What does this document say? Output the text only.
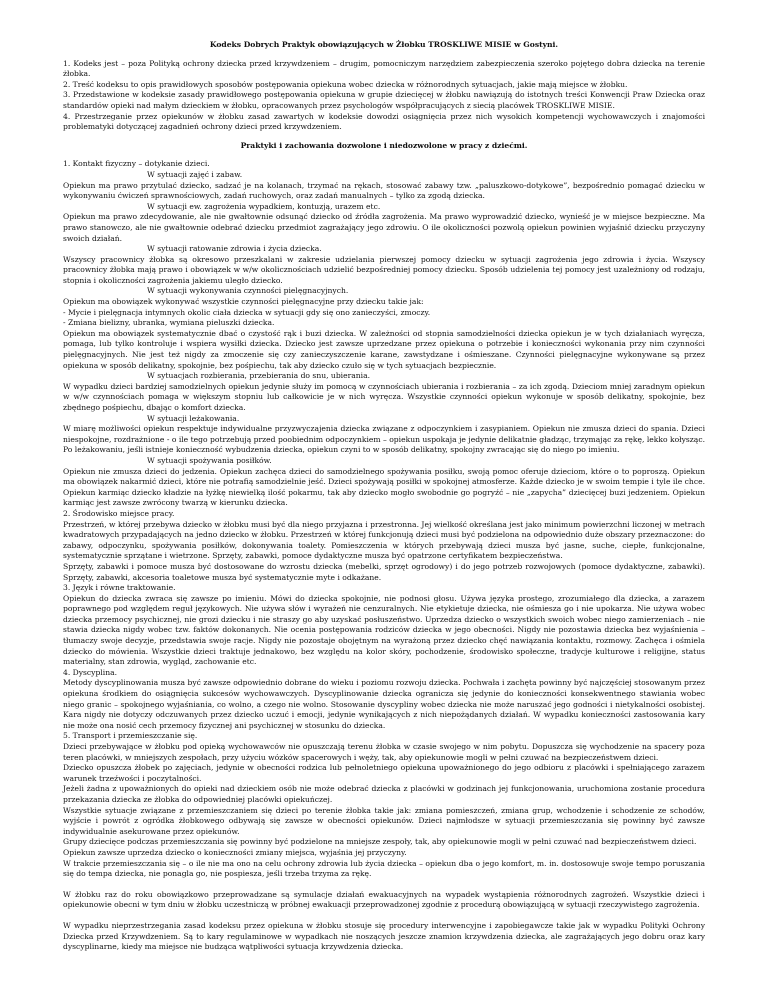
Kodeks Dobrych Praktyk obowiązujących w Żłobku TROSKLIWE MISIE w Gostyni.

1. Kodeks jest – poza Polityką ochrony dziecka przed krzywdzeniem – drugim, pomocniczym narzędziem zabezpieczenia szeroko pojętego dobra dziecka na terenie żłobka.

2. Treść kodeksu to opis prawidłowych sposobów postępowania opiekuna wobec dziecka w różnorodnych sytuacjach, jakie mają miejsce w żłobku.

3. Przedstawione w kodeksie zasady prawidłowego postępowania opiekuna w grupie dziecięcej w żłobku nawiązują do istotnych treści Konwencji Praw Dziecka oraz standardów opieki nad małym dzieckiem w żłobku, opracowanych przez psychologów współpracujących z siecią placówek TROSKLIWE MISIE.

4. Przestrzeganie przez opiekunów w żłobku zasad zawartych w kodeksie dowodzi osiągnięcia przez nich wysokich kompetencji wychowawczych i znajomości problematyki dotyczącej zagadnień ochrony dzieci przed krzywdzeniem.

Praktyki i zachowania dozwolone i niedozwolone w pracy z dziećmi.

1. Kontakt fizyczny – dotykanie dzieci.

W sytuacji zajęć i zabaw.

Opiekun ma prawo przytulać dziecko, sadzać je na kolanach, trzymać na rękach, stosować zabawy tzw. „paluszkowo-dotykowe”, bezpośrednio pomagać dziecku w wykonywaniu ćwiczeń sprawnościowych, zadań ruchowych, oraz zadań manualnych – tylko za zgodą dziecka.

W sytuacji ew. zagrożenia wypadkiem, kontuzją, urazem etc.

Opiekun ma prawo zdecydowanie, ale nie gwałtownie odsunąć dziecko od źródła zagrożenia. Ma prawo wyprowadzić dziecko, wynieść je w miejsce bezpieczne. Ma prawo stanowczo, ale nie gwałtownie odebrać dziecku przedmiot zagrażający jego zdrowiu. O ile okoliczności pozwolą opiekun powinien wyjaśnić dziecku przyczyny swoich działań.

W sytuacji ratowanie zdrowia i życia dziecka.

Wszyscy pracownicy żłobka są okresowo przeszkalani w zakresie udzielania pierwszej pomocy dziecku w sytuacji zagrożenia jego zdrowia i życia. Wszyscy pracownicy żłobka mają prawo i obowiązek w w/w okolicznościach udzielić bezpośredniej pomocy dziecku. Sposób udzielenia tej pomocy jest uzależniony od rodzaju, stopnia i okoliczności zagrożenia jakiemu uległo dziecko.

W sytuacji wykonywania czynności pielęgnacyjnych.

Opiekun ma obowiązek wykonywać wszystkie czynności pielęgnacyjne przy dziecku takie jak:

- Mycie i pielęgnacja intymnych okolic ciała dziecka w sytuacji gdy się ono zanieczyści, zmoczy.

- Zmiana bielizny, ubranka, wymiana pieluszki dziecka.

Opiekun ma obowiązek systematycznie dbać o czystość rąk i buzi dziecka. W zależności od stopnia samodzielności dziecka opiekun je w tych działaniach wyręcza, pomaga, lub tylko kontroluje i wspiera wysiłki dziecka. Dziecko jest zawsze uprzedzane przez opiekuna o potrzebie i konieczności wykonania przy nim czynności pielęgnacyjnych. Nie jest też nigdy za zmoczenie się czy zanieczyszczenie karane, zawstydzane i ośmieszane. Czynności pielęgnacyjne wykonywane są przez opiekuna w sposób delikatny, spokojnie, bez pośpiechu, tak aby dziecko czuło się w tych sytuacjach bezpiecznie.

W sytuacjach rozbierania, przebierania do snu, ubierania.

W wypadku dzieci bardziej samodzielnych opiekun jedynie służy im pomocą w czynnościach ubierania i rozbierania – za ich zgodą. Dzieciom mniej zaradnym opiekun w w/w czynnościach pomaga w większym stopniu lub całkowicie je w nich wyręcza. Wszystkie czynności opiekun wykonuje w sposób delikatny, spokojnie, bez zbędnego pośpiechu, dbając o komfort dziecka.

W sytuacji leżakowania.

W miarę możliwości opiekun respektuje indywidualne przyzwyczajenia dziecka związane z odpoczynkiem i zasypianiem. Opiekun nie zmusza dzieci do spania. Dzieci niespokojne, rozdrażnione - o ile tego potrzebują przed poobiednim odpoczynkiem – opiekun uspokaja je jedynie delikatnie gładząc, trzymając za rękę, lekko kołysząc. Po leżakowaniu, jeśli istnieje konieczność wybudzenia dziecka, opiekun czyni to w sposób delikatny, spokojny zwracając się do niego po imieniu.

W sytuacji spożywania posiłków.

Opiekun nie zmusza dzieci do jedzenia. Opiekun zachęca dzieci do samodzielnego spożywania posiłku, swoją pomoc oferuje dzieciom, które o to poproszą. Opiekun ma obowiązek nakarmić dzieci, które nie potrafią samodzielnie jeść. Dzieci spożywają posiłki w spokojnej atmosferze. Każde dziecko je w swoim tempie i tyle ile chce. Opiekun karmiąc dziecko kładzie na łyżkę niewielką ilość pokarmu, tak aby dziecko mogło swobodnie go pogryźć – nie „zapycha” dziecięcej buzi jedzeniem. Opiekun karmiąc jest zawsze zwrócony twarzą w kierunku dziecka.

2. Środowisko miejsce pracy.

Przestrzeń, w której przebywa dziecko w żłobku musi być dla niego przyjazna i przestronna. Jej wielkość określana jest jako minimum powierzchni liczonej w metrach kwadratowych przypadających na jedno dziecko w żłobku. Przestrzeń w której funkcjonują dzieci musi być podzielona na odpowiednio duże obszary przeznaczone: do zabawy, odpoczynku, spożywania posiłków, dokonywania toalety. Pomieszczenia w których przebywają dzieci musza być jasne, suche, ciepłe, funkcjonalne, systematycznie sprzątane i wietrzone. Sprzęty, zabawki, pomoce dydaktyczne musza być opatrzone certyfikatem bezpieczeństwa.

Sprzęty, zabawki i pomoce musza być dostosowane do wzrostu dziecka (mebelki, sprzęt ogrodowy) i do jego potrzeb rozwojowych (pomoce dydaktyczne, zabawki). Sprzęty, zabawki, akcesoria toaletowe musza być systematycznie myte i odkażane.

3. Język i równe traktowanie.

Opiekun do dziecka zwraca się zawsze po imieniu. Mówi do dziecka spokojnie, nie podnosi głosu. Używa języka prostego, zrozumiałego dla dziecka, a zarazem poprawnego pod względem reguł językowych. Nie używa słów i wyrażeń nie cenzuralnych. Nie etykietuje dziecka, nie ośmiesza go i nie upokarza. Nie używa wobec dziecka przemocy psychicznej, nie grozi dziecku i nie straszy go aby uzyskać posłuszeństwo. Uprzedza dziecko o wszystkich swoich wobec niego zamierzeniach – nie stawia dziecka nigdy wobec tzw. faktów dokonanych. Nie ocenia postępowania rodziców dziecka w jego obecności. Nigdy nie pozostawia dziecka bez wyjaśnienia – tłumaczy swoje decyzje, przedstawia swoje racje. Nigdy nie pozostaje obojętnym na wyrażoną przez dziecko chęć nawiązania kontaktu, rozmowy. Zachęca i ośmiela dziecko do mówienia. Wszystkie dzieci traktuje jednakowo, bez względu na kolor skóry, pochodzenie, środowisko społeczne, tradycje kulturowe i religijne, status materialny, stan zdrowia, wygląd, zachowanie etc.

4. Dyscyplina.

Metody dyscyplinowania musza być zawsze odpowiednio dobrane do wieku i poziomu rozwoju dziecka. Pochwała i zachęta powinny być najczęściej stosowanym przez opiekuna środkiem do osiągnięcia sukcesów wychowawczych. Dyscyplinowanie dziecka ogranicza się jedynie do konieczności konsekwentnego stawiania wobec niego granic – spokojnego wyjaśniania, co wolno, a czego nie wolno. Stosowanie dyscypliny wobec dziecka nie może naruszać jego godności i nietykalności osobistej. Kara nigdy nie dotyczy odczuwanych przez dziecko uczuć i emocji, jedynie wynikających z nich niepożądanych działań. W wypadku konieczności zastosowania kary nie może ona nosić cech przemocy fizycznej ani psychicznej w stosunku do dziecka.

5. Transport i przemieszczanie się.

Dzieci przebywające w żłobku pod opieką wychowawców nie opuszczają terenu żłobka w czasie swojego w nim pobytu. Dopuszcza się wychodzenie na spacery poza teren placówki, w mniejszych zespołach, przy użyciu wózków spacerowych i węży, tak, aby opiekunowie mogli w pełni czuwać na bezpieczeństwem dzieci.

Dziecko opuszcza żłobek po zajęciach, jedynie w obecności rodzica lub pełnoletniego opiekuna upoważnionego do jego odbioru z placówki i spełniającego zarazem warunek trzeźwości i poczytalności.

Jeżeli żadna z upoważnionych do opieki nad dzieckiem osób nie może odebrać dziecka z placówki w godzinach jej funkcjonowania, uruchomiona zostanie procedura przekazania dziecka ze żłobka do odpowiedniej placówki opiekuńczej.

Wszystkie sytuacje związane z przemieszczaniem się dzieci po terenie żłobka takie jak: zmiana pomieszczeń, zmiana grup, wchodzenie i schodzenie ze schodów, wyjście i powrót z ogródka żłobkowego odbywają się zawsze w obecności opiekunów. Dzieci najmłodsze w sytuacji przemieszczania się powinny być zawsze indywidualnie asekurowane przez opiekunów.

Grupy dziecięce podczas przemieszczania się powinny być podzielone na mniejsze zespoły, tak, aby opiekunowie mogli w pełni czuwać nad bezpieczeństwem dzieci.

Opiekun zawsze uprzedza dziecko o konieczności zmiany miejsca, wyjaśnia jej przyczyny.

W trakcie przemieszczania się – o ile nie ma ono na celu ochrony zdrowia lub życia dziecka – opiekun dba o jego komfort, m. in. dostosowuje swoje tempo poruszania się do tempa dziecka, nie ponagla go, nie pospiesza, jeśli trzeba trzyma za rękę.

W żłobku raz do roku obowiązkowo przeprowadzane są symulacje działań ewakuacyjnych na wypadek wystąpienia różnorodnych zagrożeń. Wszystkie dzieci i opiekunowie obecni w tym dniu w żłobku uczestniczą w próbnej ewakuacji przeprowadzonej zgodnie z procedurą obowiązującą w sytuacji rzeczywistego zagrożenia.

W wypadku nieprzestrzegania zasad kodeksu przez opiekuna w żłobku stosuje się procedury interwencyjne i zapobiegawcze takie jak w wypadku Polityki Ochrony Dziecka przed Krzywdzeniem. Są to kary regulaminowe w wypadkach nie noszących jeszcze znamion krzywdzenia dziecka, ale zagrażających jego dobru oraz kary dyscyplinarne, kiedy ma miejsce nie budząca wątpliwości sytuacja krzywdzenia dziecka.
